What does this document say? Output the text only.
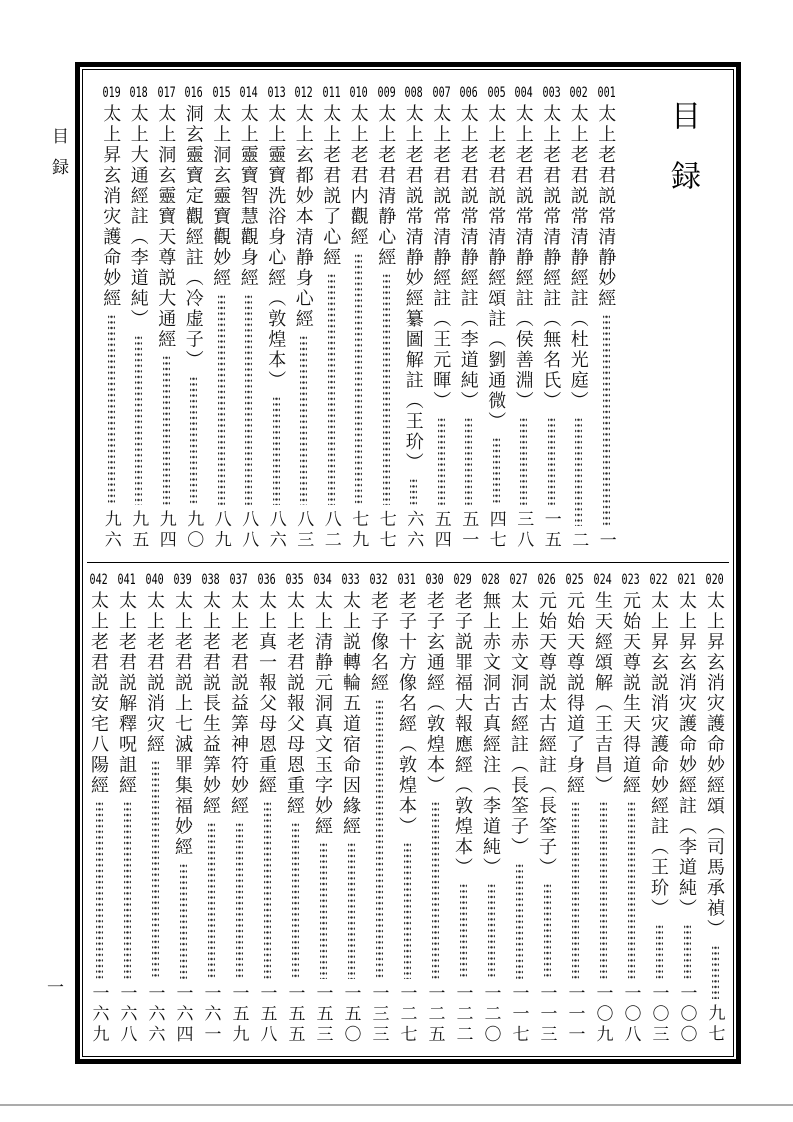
目録
一
目録
001
太上老君説常清静妙經
一
002
太上老君説常清静經註（杜光庭）
二
003
太上老君説常清静經註（無名氏）
一五
004
太上老君説常清静經註（侯善淵）
三八
005
太上老君説常清静經頌註（劉通微）
四七
006
太上老君説常清静經註（李道純）
五一
007
太上老君説常清静經註（王元暉）
五四
008
太上老君説常清静妙經纂圖解註（王玠）
六六
009
太上老君清静心經
七七
010
太上老君内觀經
七九
011
太上老君説了心經
八二
012
太上玄都妙本清静身心經
八三
013
太上靈寶洗浴身心經（敦煌本）
八六
014
太上靈寶智慧觀身經
八八
015
太上洞玄靈寶觀妙經
八九
016
洞玄靈寶定觀經註（冷虚子）
九〇
017
太上洞玄靈寶天尊説大通經
九四
018
太上大通經註（李道純）
九五
019
太上昇玄消灾護命妙經
九六
020
太上昇玄消灾護命妙經頌（司馬承禎）
九七
021
太上昇玄消灾護命妙經註（李道純）
一〇〇
022
太上昇玄説消灾護命妙經註（王玠）
一〇三
023
元始天尊説生天得道經
一〇八
024
生天經頌解（王吉昌）
一〇九
025
元始天尊説得道了身經
一一一
026
元始天尊説太古經註（長筌子）
一一三
027
太上赤文洞古經註（長筌子）
一一七
028
無上赤文洞古真經注（李道純）
一二〇
029
老子説罪福大報應經（敦煌本）
一二二
030
老子玄通經（敦煌本）
一二五
031
老子十方像名經（敦煌本）
一二七
032
老子像名經
一三三
033
太上説轉輪五道宿命因緣經
一五〇
034
太上清静元洞真文玉字妙經
一五三
035
太上老君説報父母恩重經
一五五
036
太上真一報父母恩重經
一五八
037
太上老君説益筭神符妙經
一五九
038
太上老君説長生益筭妙經
一六一
039
太上老君説上七滅罪集福妙經
一六四
040
太上老君説消灾經
一六六
041
太上老君説解釋呪詛經
一六八
042
太上老君説安宅八陽經
一六九
